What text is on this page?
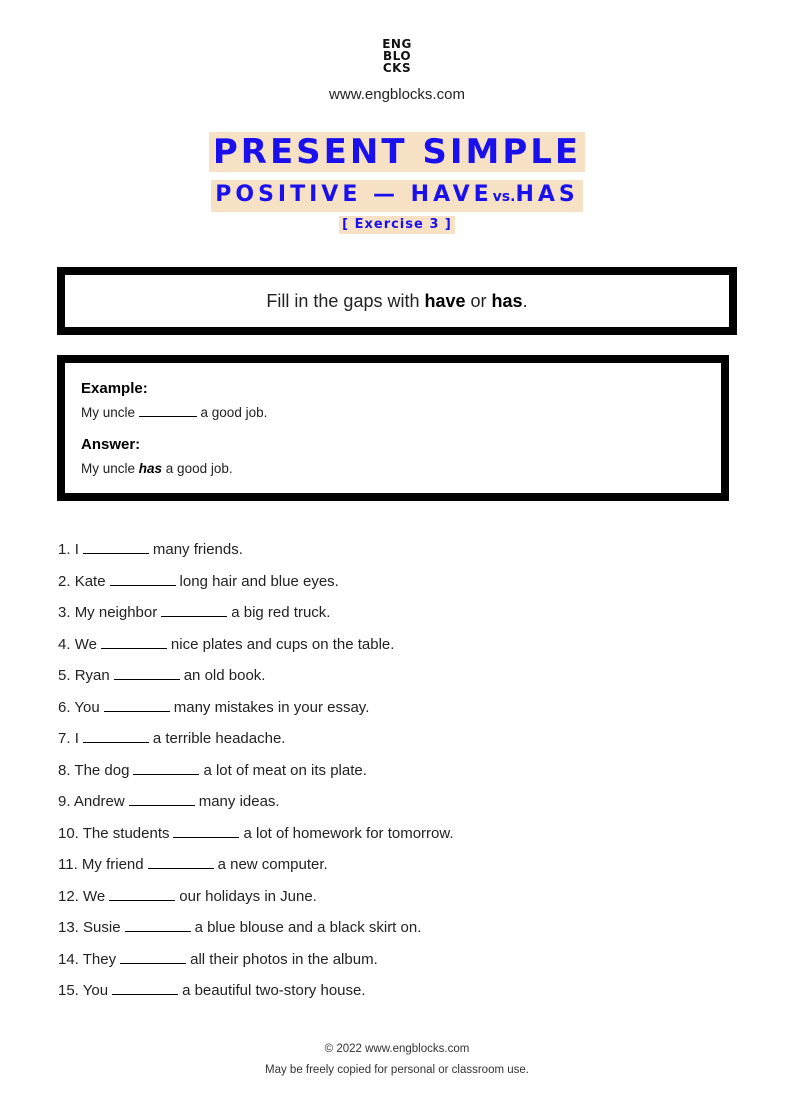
ENG
BLO
CKS
www.engblocks.com
PRESENT SIMPLE
POSITIVE — HAVEvs.HAS
[ Exercise 3 ]
Fill in the gaps with have or has.
Example:
My uncle	a good job.
Answer:
My uncle has a good job.
1. I	many friends.
2. Kate	long hair and blue eyes.
3. My neighbor	a big red truck.
4. We	nice plates and cups on the table.
5. Ryan	an old book.
6. You	many mistakes in your essay.
7. I	a terrible headache.
8. The dog	a lot of meat on its plate.
9. Andrew	many ideas.
10. The students	a lot of homework for tomorrow.
11. My friend	a new computer.
12. We	our holidays in June.
13. Susie	a blue blouse and a black skirt on.
14. They	all their photos in the album.
15. You	a beautiful two-story house.
© 2022 www.engblocks.com
May be freely copied for personal or classroom use.
